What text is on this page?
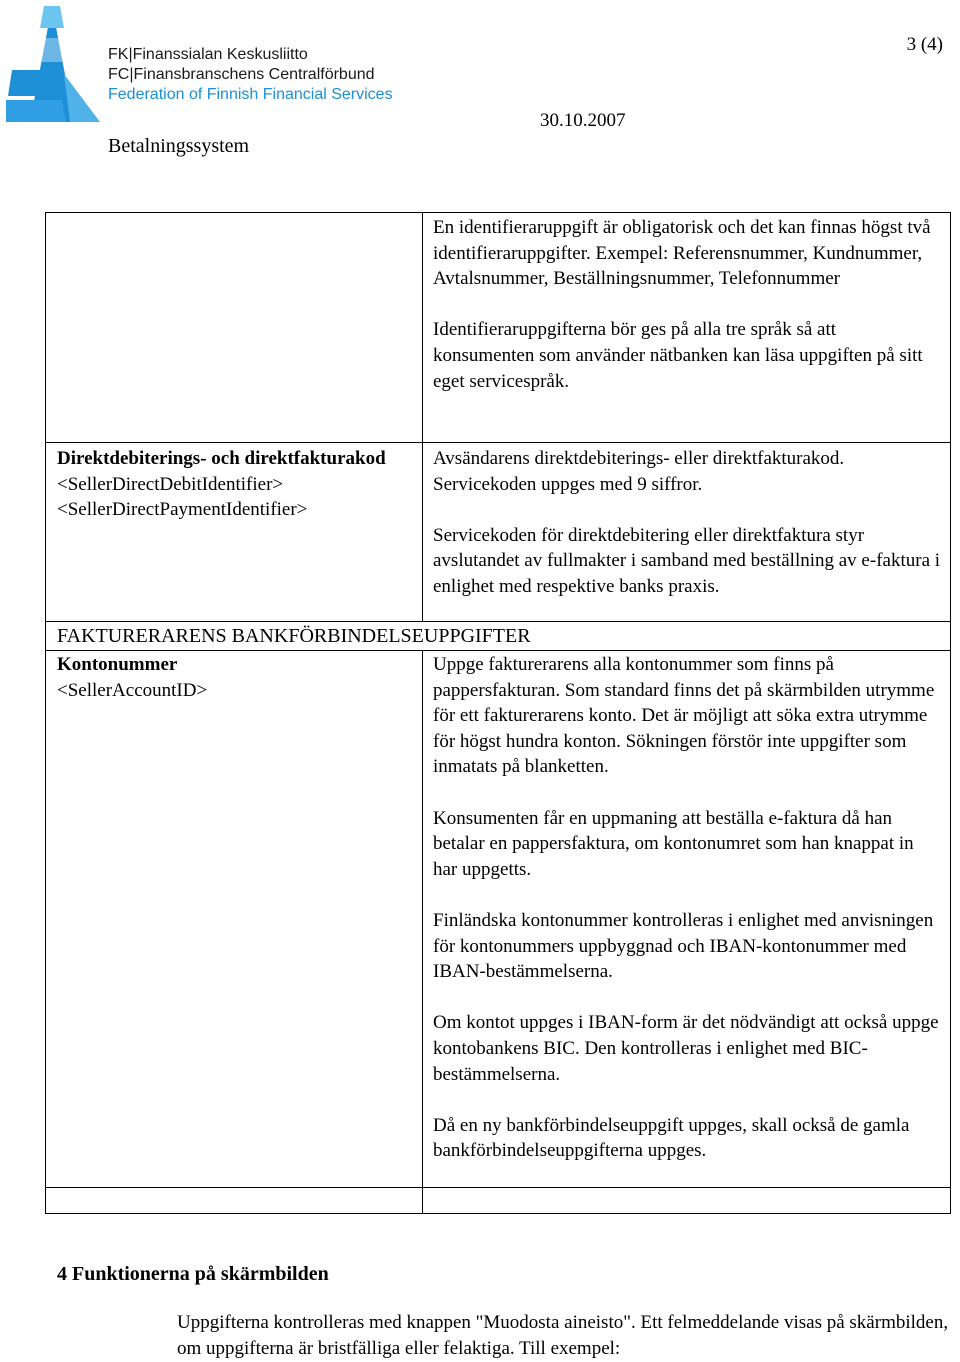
FK|Finanssialan Keskusliitto
FC|Finansbranschens Centralförbund
Federation of Finnish Financial Services
3 (4)
30.10.2007
Betalningssystem

En identifieraruppgift är obligatorisk och det kan finnas högst två identifieraruppgifter. Exempel: Referensnummer, Kundnummer, Avtalsnummer, Beställningsnummer, Telefonnummer

Identifieraruppgifterna bör ges på alla tre språk så att konsumenten som använder nätbanken kan läsa uppgiften på sitt eget servicespråk.

Direktdebiterings- och direktfakturakod <SellerDirectDebitIdentifier>
<SellerDirectPaymentIdentifier>

Avsändarens direktdebiterings- eller direktfakturakod. Servicekoden uppges med 9 siffror.

Servicekoden för direktdebitering eller direktfaktura styr avslutandet av fullmakter i samband med beställning av e-faktura i enlighet med respektive banks praxis.

FAKTURERARENS BANKFÖRBINDELSEUPPGIFTER
Kontonummer
<SellerAccountID>

Uppge fakturerarens alla kontonummer som finns på pappersfakturan. Som standard finns det på skärmbilden utrymme för ett fakturerarens konto. Det är möjligt att söka extra utrymme för högst hundra konton. Sökningen förstör inte uppgifter som inmatats på blanketten.

Konsumenten får en uppmaning att beställa e-faktura då han betalar en pappersfaktura, om kontonumret som han knappat in har uppgetts.

Finländska kontonummer kontrolleras i enlighet med anvisningen för kontonummers uppbyggnad och IBAN-kontonummer med IBAN-bestämmelserna.

Om kontot uppges i IBAN-form är det nödvändigt att också uppge kontobankens BIC. Den kontrolleras i enlighet med BIC-bestämmelserna.

Då en ny bankförbindelseuppgift uppges, skall också de gamla bankförbindelseuppgifterna uppges.

4 Funktionerna på skärmbilden
Uppgifterna kontrolleras med knappen "Muodosta aineisto". Ett felmeddelande visas på skärmbilden, om uppgifterna är bristfälliga eller felaktiga. Till exempel:
